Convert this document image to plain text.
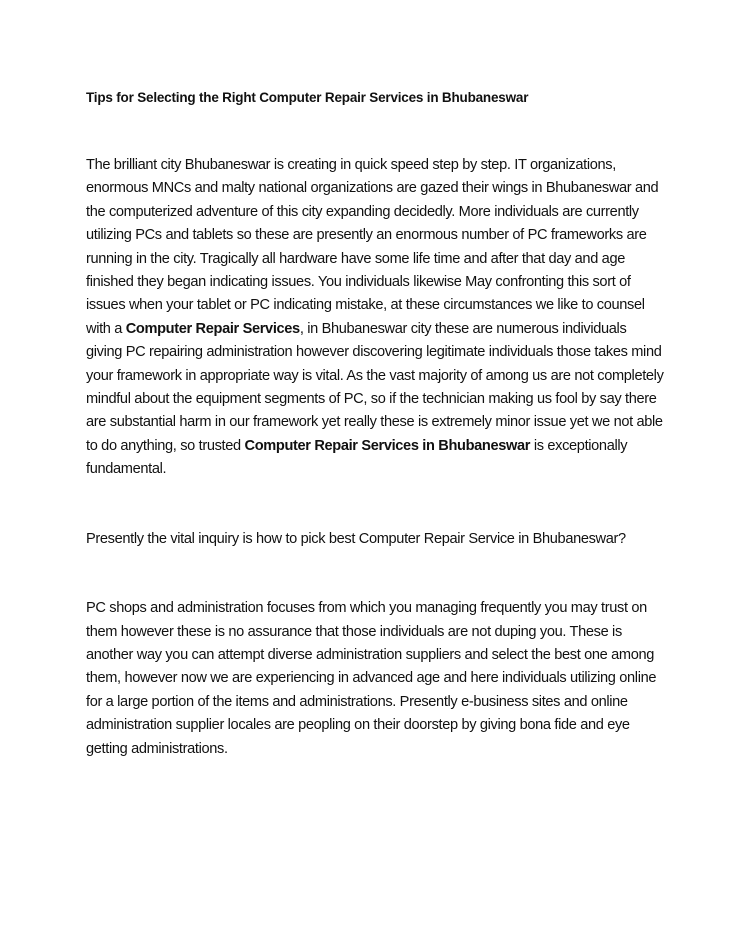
Tips for Selecting the Right Computer Repair Services in Bhubaneswar

The brilliant city Bhubaneswar is creating in quick speed step by step. IT organizations, enormous MNCs and malty national organizations are gazed their wings in Bhubaneswar and the computerized adventure of this city expanding decidedly. More individuals are currently utilizing PCs and tablets so these are presently an enormous number of PC frameworks are running in the city. Tragically all hardware have some life time and after that day and age finished they began indicating issues. You individuals likewise May confronting this sort of issues when your tablet or PC indicating mistake, at these circumstances we like to counsel with a Computer Repair Services, in Bhubaneswar city these are numerous individuals giving PC repairing administration however discovering legitimate individuals those takes mind your framework in appropriate way is vital. As the vast majority of among us are not completely mindful about the equipment segments of PC, so if the technician making us fool by say there are substantial harm in our framework yet really these is extremely minor issue yet we not able to do anything, so trusted Computer Repair Services in Bhubaneswar is exceptionally fundamental.

Presently the vital inquiry is how to pick best Computer Repair Service in Bhubaneswar?

PC shops and administration focuses from which you managing frequently you may trust on them however these is no assurance that those individuals are not duping you. These is another way you can attempt diverse administration suppliers and select the best one among them, however now we are experiencing in advanced age and here individuals utilizing online for a large portion of the items and administrations. Presently e-business sites and online administration supplier locales are peopling on their doorstep by giving bona fide and eye getting administrations.
